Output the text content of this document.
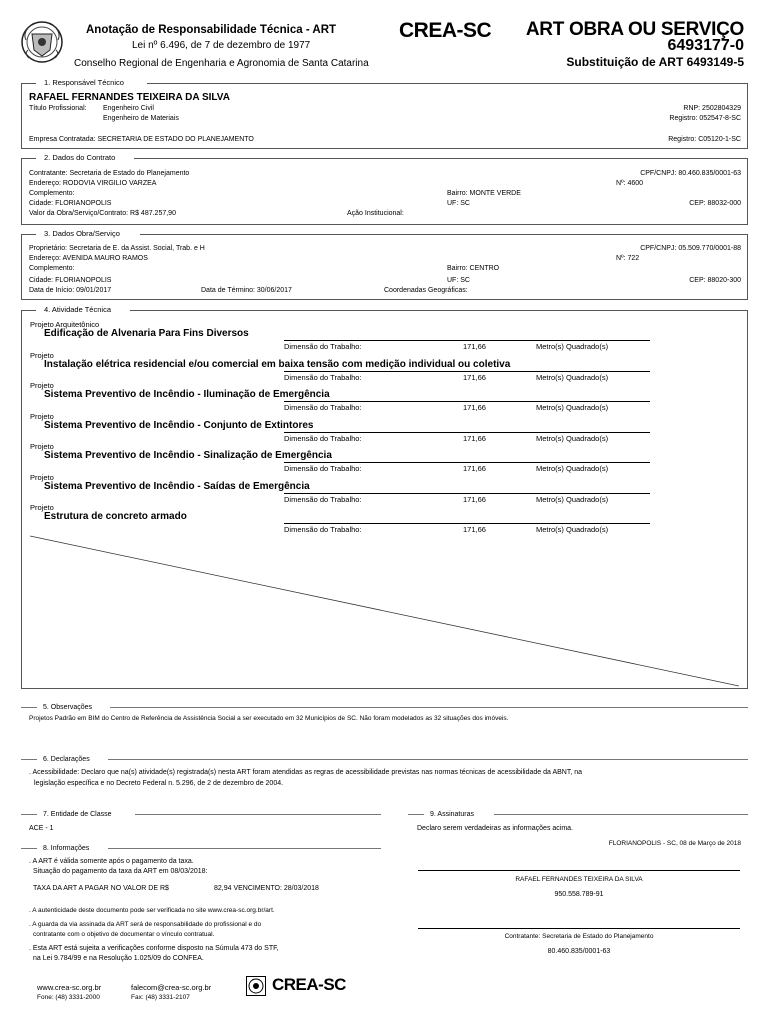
Anotação de Responsabilidade Técnica - ART
Lei nº 6.496, de 7 de dezembro de 1977
Conselho Regional de Engenharia e Agronomia de Santa Catarina
CREA-SC ART OBRA OU SERVIÇO
6493177-0
Substituição de ART 6493149-5
1. Responsável Técnico
RAFAEL FERNANDES TEIXEIRA DA SILVA
Título Profissional: Engenheiro Civil
Engenheiro de Materiais
RNP: 2502804329
Registro: 052547-8-SC
Empresa Contratada: SECRETARIA DE ESTADO DO PLANEJAMENTO	Registro: C05120-1-SC
2. Dados do Contrato
Contratante: Secretaria de Estado do Planejamento	CPF/CNPJ: 80.460.835/0001-63
Endereço: RODOVIA VIRGILIO VARZEA	Nº: 4600
Complemento:	Bairro: MONTE VERDE
Cidade: FLORIANOPOLIS	UF: SC	CEP: 88032-000
Valor da Obra/Serviço/Contrato: R$ 487.257,90	Ação Institucional:
3. Dados Obra/Serviço
Proprietário: Secretaria de E. da Assist. Social, Trab. e H	CPF/CNPJ: 05.509.770/0001-88
Endereço: AVENIDA MAURO RAMOS	Nº: 722
Complemento:	Bairro: CENTRO
Cidade: FLORIANOPOLIS	UF: SC	CEP: 88020-300
Data de Início: 09/01/2017	Data de Término: 30/06/2017	Coordenadas Geográficas:
4. Atividade Técnica
Projeto Arquitetônico
Edificação de Alvenaria Para Fins Diversos
Dimensão do Trabalho:	171,66	Metro(s) Quadrado(s)
Projeto
Instalação elétrica residencial e/ou comercial em baixa tensão com medição individual ou coletiva
Dimensão do Trabalho:	171,66	Metro(s) Quadrado(s)
Projeto
Sistema Preventivo de Incêndio - Iluminação de Emergência
Dimensão do Trabalho:	171,66	Metro(s) Quadrado(s)
Projeto
Sistema Preventivo de Incêndio - Conjunto de Extintores
Dimensão do Trabalho:	171,66	Metro(s) Quadrado(s)
Projeto
Sistema Preventivo de Incêndio - Sinalização de Emergência
Dimensão do Trabalho:	171,66	Metro(s) Quadrado(s)
Projeto
Sistema Preventivo de Incêndio - Saídas de Emergência
Dimensão do Trabalho:	171,66	Metro(s) Quadrado(s)
Projeto
Estrutura de concreto armado
Dimensão do Trabalho:	171,66	Metro(s) Quadrado(s)
5. Observações
Projetos Padrão em BIM do Centro de Referência de Assistência Social a ser executado em 32 Municípios de SC. Não foram modelados as 32 situações dos imóveis.
6. Declarações
. Acessibilidade: Declaro que na(s) atividade(s) registrada(s) nesta ART foram atendidas as regras de acessibilidade previstas nas normas técnicas de acessibilidade da ABNT, na
legislação específica e no Decreto Federal n. 5.296, de 2 de dezembro de 2004.
7. Entidade de Classe
ACE - 1
8. Informações
. A ART é válida somente após o pagamento da taxa.
Situação do pagamento da taxa da ART em 08/03/2018:
TAXA DA ART A PAGAR NO VALOR DE R$	82,94 VENCIMENTO: 28/03/2018
. A autenticidade deste documento pode ser verificada no site www.crea-sc.org.br/art.
. A guarda da via assinada da ART será de responsabilidade do profissional e do
contratante com o objetivo de documentar o vínculo contratual.
. Esta ART está sujeita a verificações conforme disposto na Súmula 473 do STF,
na Lei 9.784/99 e na Resolução 1.025/09 do CONFEA.
9. Assinaturas
Declaro serem verdadeiras as informações acima.
FLORIANOPOLIS - SC, 08 de Março de 2018
RAFAEL FERNANDES TEIXEIRA DA SILVA
950.558.789-91
Contratante: Secretaria de Estado do Planejamento
80.460.835/0001-63
www.crea-sc.org.br
Fone: (48) 3331-2000
falecom@crea-sc.org.br
Fax: (48) 3331-2107
CREA-SC
